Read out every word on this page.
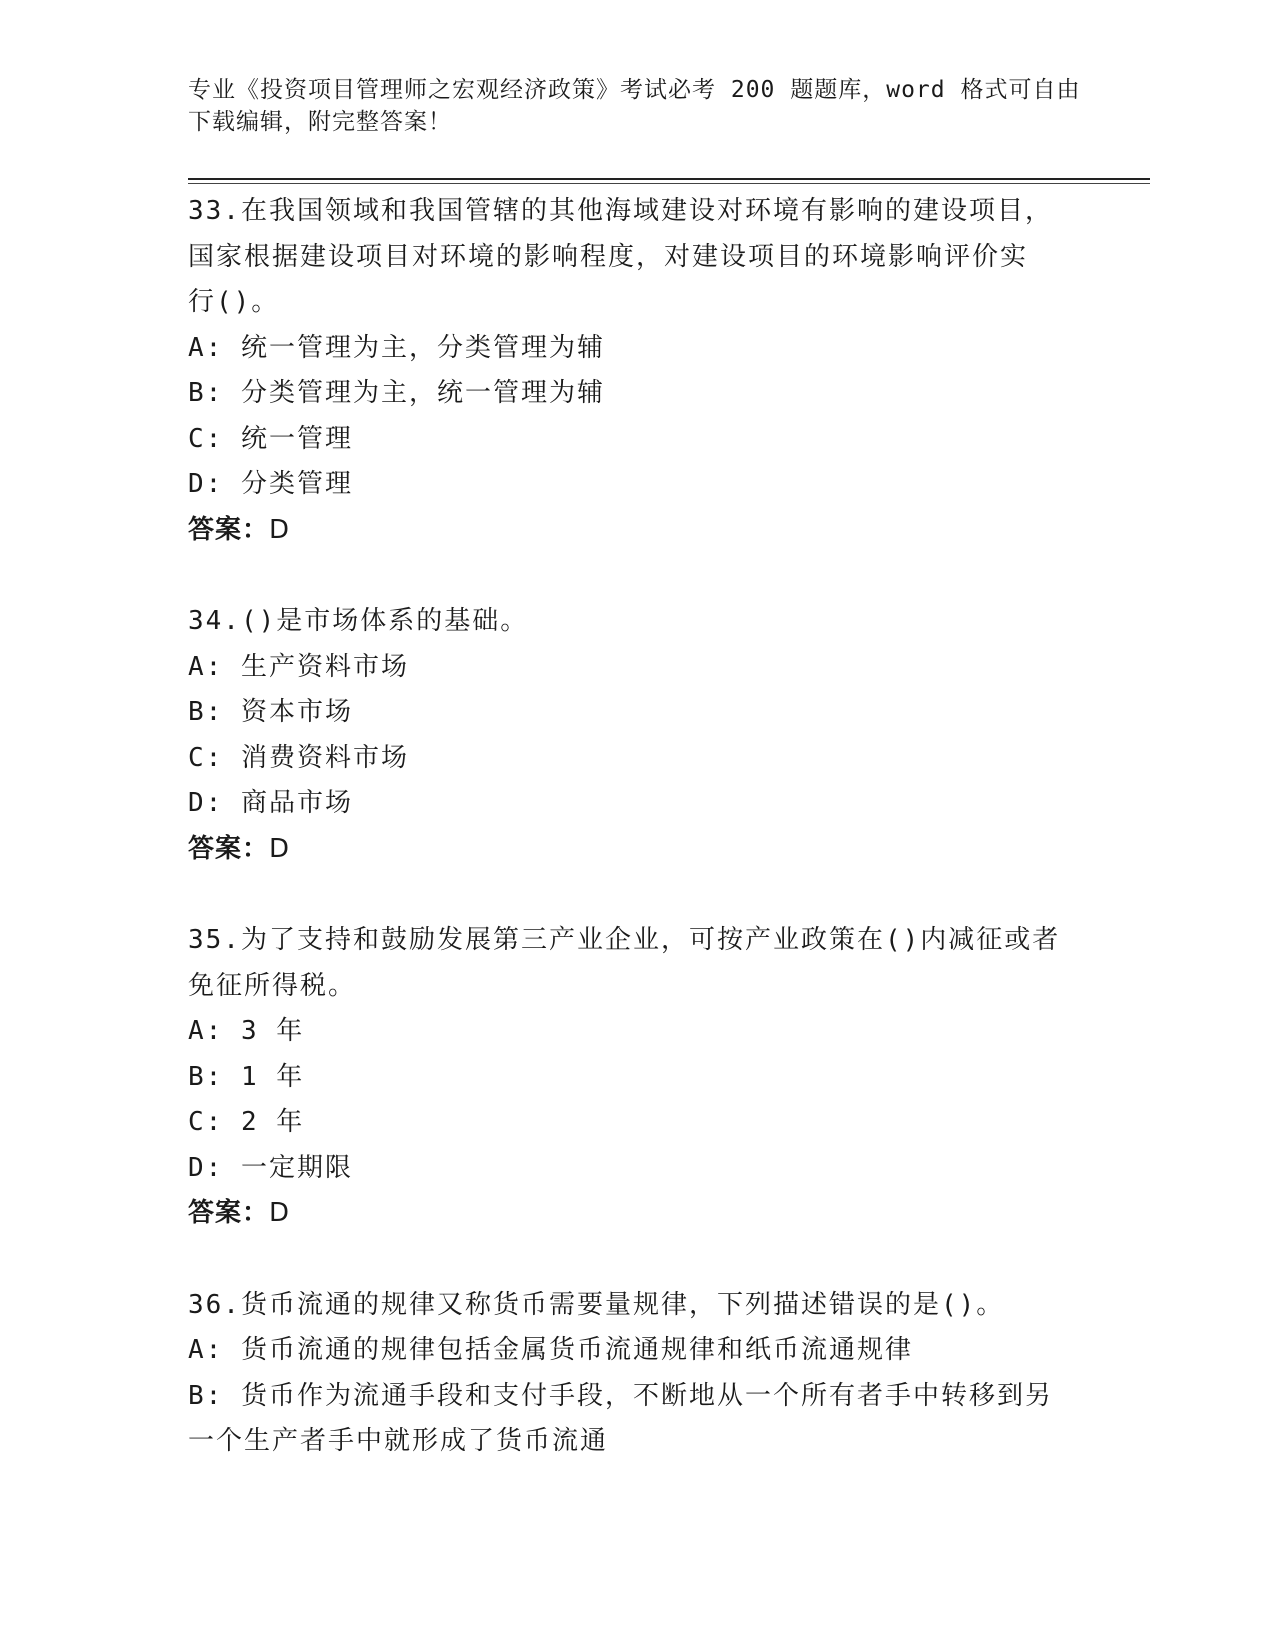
专业《投资项目管理师之宏观经济政策》考试必考 200 题题库，word 格式可自由
下载编辑，附完整答案！
33.在我国领域和我国管辖的其他海域建设对环境有影响的建设项目，
国家根据建设项目对环境的影响程度，对建设项目的环境影响评价实
行()。
A: 统一管理为主，分类管理为辅
B: 分类管理为主，统一管理为辅
C: 统一管理
D: 分类管理
答案：D
34.()是市场体系的基础。
A: 生产资料市场
B: 资本市场
C: 消费资料市场
D: 商品市场
答案：D
35.为了支持和鼓励发展第三产业企业，可按产业政策在()内减征或者
免征所得税。
A: 3 年
B: 1 年
C: 2 年
D: 一定期限
答案：D
36.货币流通的规律又称货币需要量规律，下列描述错误的是()。
A: 货币流通的规律包括金属货币流通规律和纸币流通规律
B: 货币作为流通手段和支付手段，不断地从一个所有者手中转移到另
一个生产者手中就形成了货币流通
